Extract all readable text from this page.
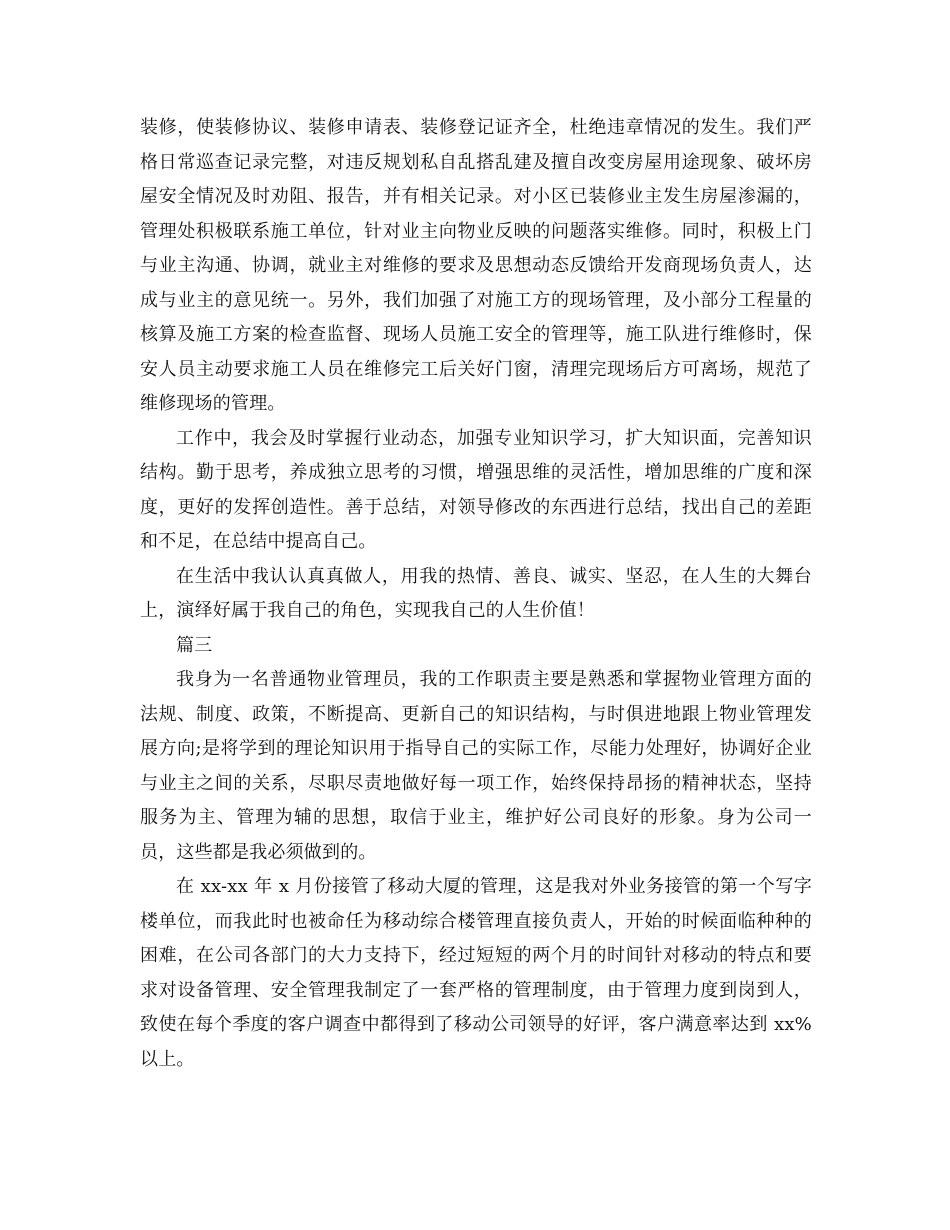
装修，使装修协议、装修申请表、装修登记证齐全，杜绝违章情况的发生。我们严格日常巡查记录完整，对违反规划私自乱搭乱建及擅自改变房屋用途现象、破坏房屋安全情况及时劝阻、报告，并有相关记录。对小区已装修业主发生房屋渗漏的，管理处积极联系施工单位，针对业主向物业反映的问题落实维修。同时，积极上门与业主沟通、协调，就业主对维修的要求及思想动态反馈给开发商现场负责人，达成与业主的意见统一。另外，我们加强了对施工方的现场管理，及小部分工程量的核算及施工方案的检查监督、现场人员施工安全的管理等，施工队进行维修时，保安人员主动要求施工人员在维修完工后关好门窗，清理完现场后方可离场，规范了维修现场的管理。

工作中，我会及时掌握行业动态，加强专业知识学习，扩大知识面，完善知识结构。勤于思考，养成独立思考的习惯，增强思维的灵活性，增加思维的广度和深度，更好的发挥创造性。善于总结，对领导修改的东西进行总结，找出自己的差距和不足，在总结中提高自己。

在生活中我认认真真做人，用我的热情、善良、诚实、坚忍，在人生的大舞台上，演绎好属于我自己的角色，实现我自己的人生价值！

篇三

我身为一名普通物业管理员，我的工作职责主要是熟悉和掌握物业管理方面的法规、制度、政策，不断提高、更新自己的知识结构，与时俱进地跟上物业管理发展方向;是将学到的理论知识用于指导自己的实际工作，尽能力处理好，协调好企业与业主之间的关系，尽职尽责地做好每一项工作，始终保持昂扬的精神状态，坚持服务为主、管理为辅的思想，取信于业主，维护好公司良好的形象。身为公司一员，这些都是我必须做到的。

在 xx-xx 年 x 月份接管了移动大厦的管理，这是我对外业务接管的第一个写字楼单位，而我此时也被命任为移动综合楼管理直接负责人，开始的时候面临种种的困难，在公司各部门的大力支持下，经过短短的两个月的时间针对移动的特点和要求对设备管理、安全管理我制定了一套严格的管理制度，由于管理力度到岗到人，致使在每个季度的客户调查中都得到了移动公司领导的好评，客户满意率达到 xx%以上。
